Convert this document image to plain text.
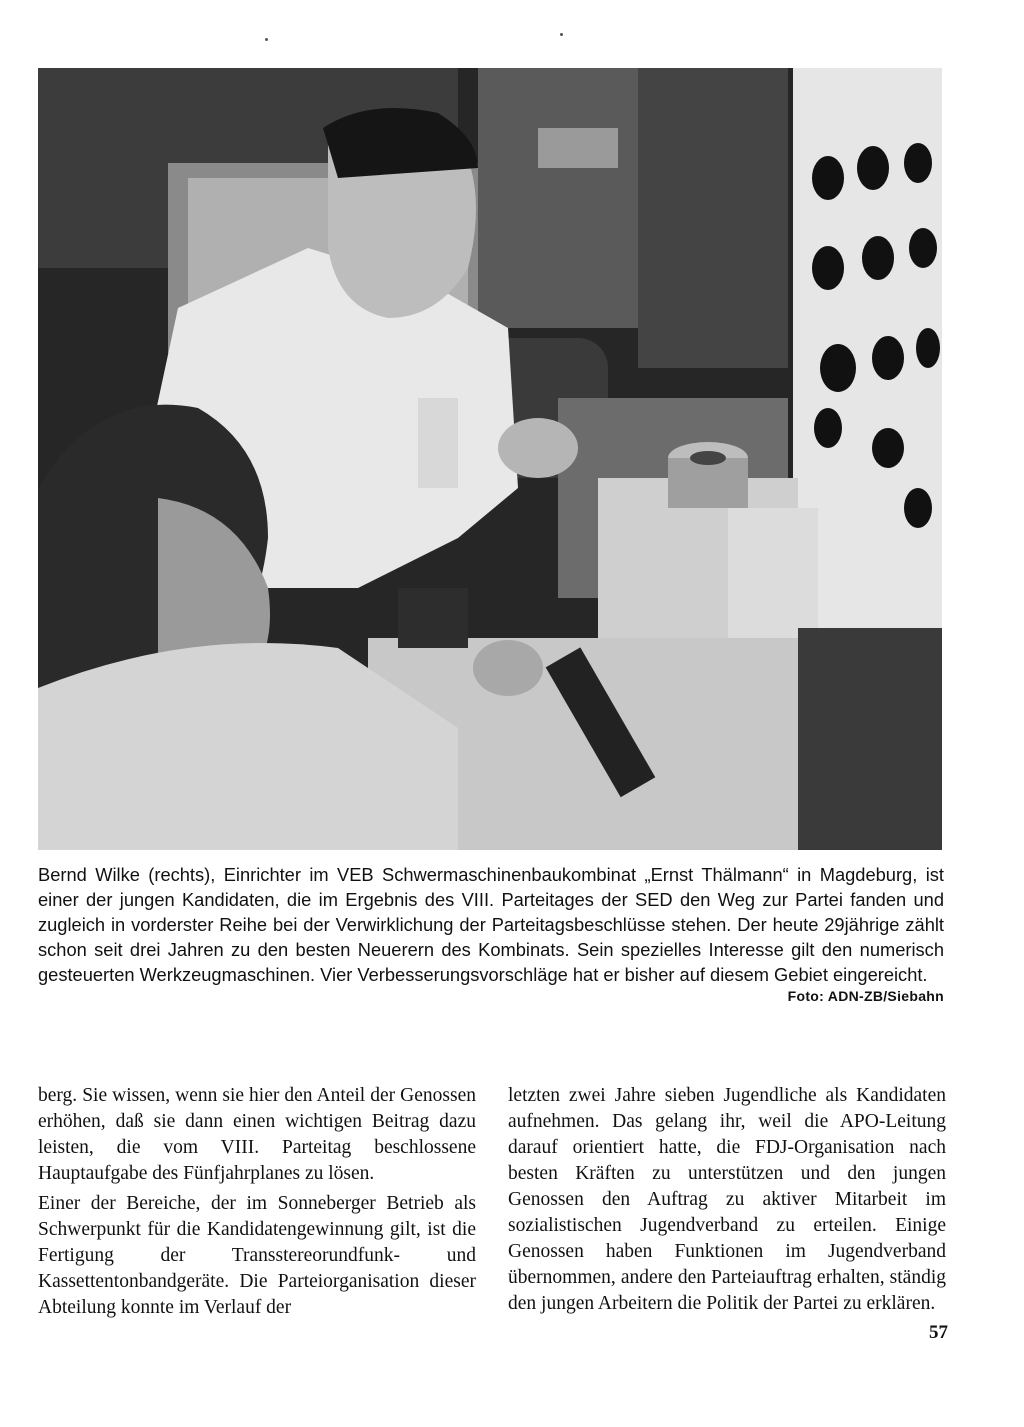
Bernd Wilke (rechts), Einrichter im VEB Schwermaschinenbaukombinat „Ernst Thälmann“ in Magdeburg, ist einer der jungen Kandidaten, die im Ergebnis des VIII. Parteitages der SED den Weg zur Partei fanden und zugleich in vorderster Reihe bei der Verwirklichung der Parteitagsbeschlüsse stehen. Der heute 29jährige zählt schon seit drei Jahren zu den besten Neuerern des Kombinats. Sein spezielles Interesse gilt den numerisch gesteuerten Werkzeugmaschinen. Vier Verbesserungsvorschläge hat er bisher auf diesem Gebiet eingereicht.
Foto: ADN-ZB/Siebahn

berg. Sie wissen, wenn sie hier den Anteil der Genossen erhöhen, daß sie dann einen wichtigen Beitrag dazu leisten, die vom VIII. Parteitag beschlossene Hauptaufgabe des Fünfjahrplanes zu lösen.

Einer der Bereiche, der im Sonneberger Betrieb als Schwerpunkt für die Kandidatengewinnung gilt, ist die Fertigung der Transstereorundfunk- und Kassettentonbandgeräte. Die Parteiorganisation dieser Abteilung konnte im Verlauf der

letzten zwei Jahre sieben Jugendliche als Kandidaten aufnehmen. Das gelang ihr, weil die APO-Leitung darauf orientiert hatte, die FDJ-Organisation nach besten Kräften zu unterstützen und den jungen Genossen den Auftrag zu aktiver Mitarbeit im sozialistischen Jugendverband zu erteilen. Einige Genossen haben Funktionen im Jugendverband übernommen, andere den Parteiauftrag erhalten, ständig den jungen Arbeitern die Politik der Partei zu erklären.

57
